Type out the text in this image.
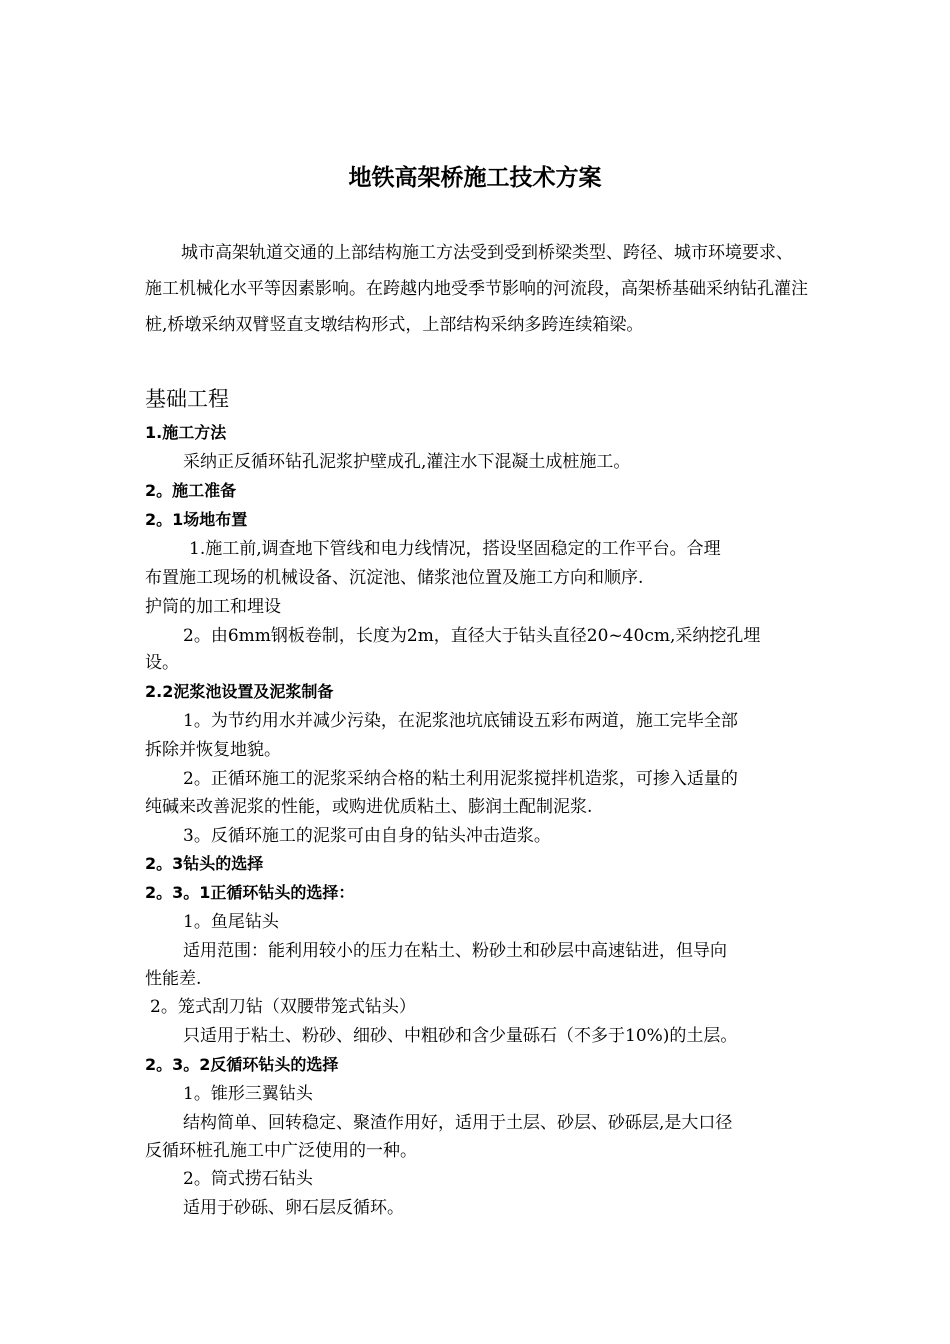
地铁高架桥施工技术方案

城市高架轨道交通的上部结构施工方法受到受到桥梁类型、跨径、城市环境要求、施工机械化水平等因素影响。在跨越内地受季节影响的河流段，高架桥基础采纳钻孔灌注桩,桥墩采纳双臂竖直支墩结构形式，上部结构采纳多跨连续箱梁。

基础工程
1.施工方法
采纳正反循环钻孔泥浆护壁成孔,灌注水下混凝土成桩施工。
2。施工准备
2。1场地布置
1.施工前,调查地下管线和电力线情况，搭设坚固稳定的工作平台。合理
布置施工现场的机械设备、沉淀池、储浆池位置及施工方向和顺序.
护筒的加工和埋设
2。由6mm钢板卷制，长度为2m，直径大于钻头直径20~40cm,采纳挖孔埋
设。
2.2泥浆池设置及泥浆制备
1。为节约用水并减少污染，在泥浆池坑底铺设五彩布两道，施工完毕全部
拆除并恢复地貌。
2。正循环施工的泥浆采纳合格的粘土利用泥浆搅拌机造浆，可掺入适量的
纯碱来改善泥浆的性能，或购进优质粘土、膨润土配制泥浆.
3。反循环施工的泥浆可由自身的钻头冲击造浆。
2。3钻头的选择
2。3。1正循环钻头的选择：
1。鱼尾钻头
适用范围：能利用较小的压力在粘土、粉砂土和砂层中高速钻进，但导向
性能差.
2。笼式刮刀钻（双腰带笼式钻头）
只适用于粘土、粉砂、细砂、中粗砂和含少量砾石（不多于10%)的土层。
2。3。2反循环钻头的选择
1。锥形三翼钻头
结构简单、回转稳定、聚渣作用好，适用于土层、砂层、砂砾层,是大口径
反循环桩孔施工中广泛使用的一种。
2。筒式捞石钻头
适用于砂砾、卵石层反循环。
